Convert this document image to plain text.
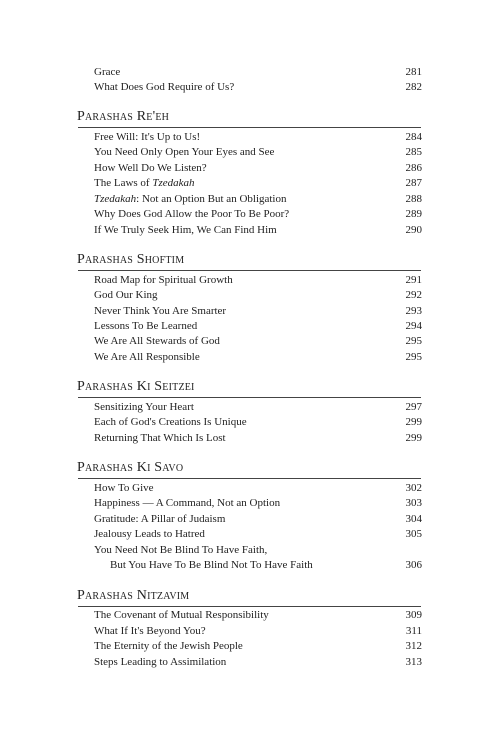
Grace	281
What Does God Require of Us?	282
Parashas Re'eh
Free Will: It's Up to Us!	284
You Need Only Open Your Eyes and See	285
How Well Do We Listen?	286
The Laws of Tzedakah	287
Tzedakah: Not an Option But an Obligation	288
Why Does God Allow the Poor To Be Poor?	289
If We Truly Seek Him, We Can Find Him	290
Parashas Shoftim
Road Map for Spiritual Growth	291
God Our King	292
Never Think You Are Smarter	293
Lessons To Be Learned	294
We Are All Stewards of God	295
We Are All Responsible	295
Parashas Ki Seitzei
Sensitizing Your Heart	297
Each of God's Creations Is Unique	299
Returning That Which Is Lost	299
Parashas Ki Savo
How To Give	302
Happiness — A Command, Not an Option	303
Gratitude: A Pillar of Judaism	304
Jealousy Leads to Hatred	305
You Need Not Be Blind To Have Faith,
But You Have To Be Blind Not To Have Faith	306
Parashas Nitzavim
The Covenant of Mutual Responsibility	309
What If It's Beyond You?	311
The Eternity of the Jewish People	312
Steps Leading to Assimilation	313
